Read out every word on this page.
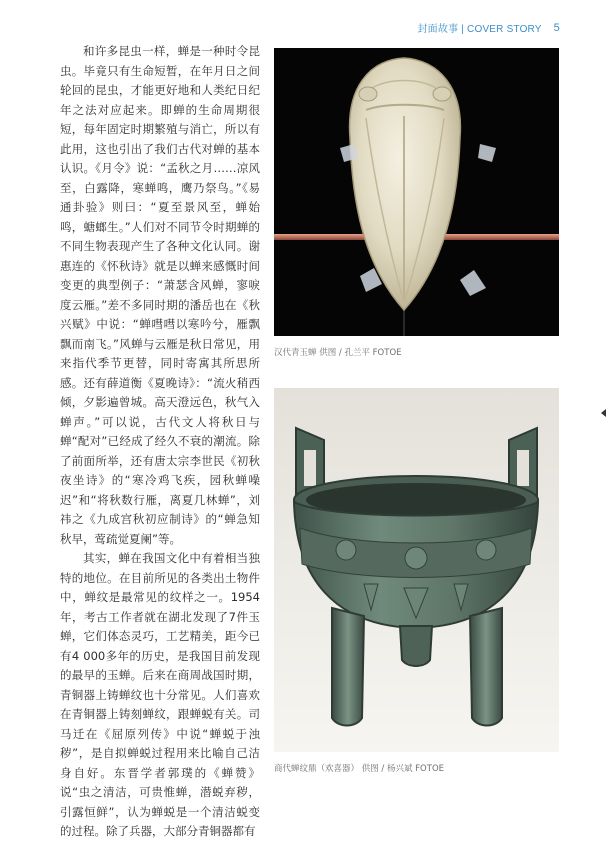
封面故事 | COVER STORY 5

和许多昆虫一样，蝉是一种时令昆虫。毕竟只有生命短暂，在年月日之间轮回的昆虫，才能更好地和人类纪日纪年之法对应起来。即蝉的生命周期很短，每年固定时期繁殖与消亡，所以有此用，这也引出了我们古代对蝉的基本认识。《月令》说：“孟秋之月……凉风至，白露降，寒蝉鸣，鹰乃祭鸟。”《易通卦验》则曰：“夏至景风至，蝉始鸣，螗螂生。”人们对不同节令时期蝉的不同生物表现产生了各种文化认同。谢惠连的《怀秋诗》就是以蝉来感慨时间变更的典型例子：“萧瑟含风蝉，寥唳度云雁。”差不多同时期的潘岳也在《秋兴赋》中说：“蝉嘒嘒以寒吟兮，雁飘飘而南飞。”风蝉与云雁是秋日常见，用来指代季节更替，同时寄寓其所思所感。还有薛道衡《夏晚诗》：“流火稍西倾，夕影遍曾城。高天澄远色，秋气入蝉声。”可以说，古代文人将秋日与蝉“配对”已经成了经久不衰的潮流。除了前面所举，还有唐太宗李世民《初秋夜坐诗》的“寒冷鸡飞疾，园秋蝉噪迟”和“将秋数行雁，离夏几林蝉”，刘祎之《九成宫秋初应制诗》的“蝉急知秋早，莺疏觉夏阑”等。

其实，蝉在我国文化中有着相当独特的地位。在目前所见的各类出土物件中，蝉纹是最常见的纹样之一。1954年，考古工作者就在湖北发现了7件玉蝉，它们体态灵巧，工艺精美，距今已有4 000多年的历史，是我国目前发现的最早的玉蝉。后来在商周战国时期，青铜器上铸蝉纹也十分常见。人们喜欢在青铜器上铸刻蝉纹，跟蝉蜕有关。司马迁在《屈原列传》中说“蝉蜕于浊秽”，是自拟蝉蜕过程用来比喻自己洁身自好。东晋学者郭璞的《蝉赞》说“虫之清洁，可贵惟蝉，潜蜕弃秽，引露恒鲜”，认为蝉蜕是一个清洁蜕变的过程。除了兵器，大部分青铜器都有

汉代青玉蝉 供图 / 孔兰平 FOTOE
商代蝉纹鼎（欢喜器） 供图 / 杨兴斌 FOTOE
